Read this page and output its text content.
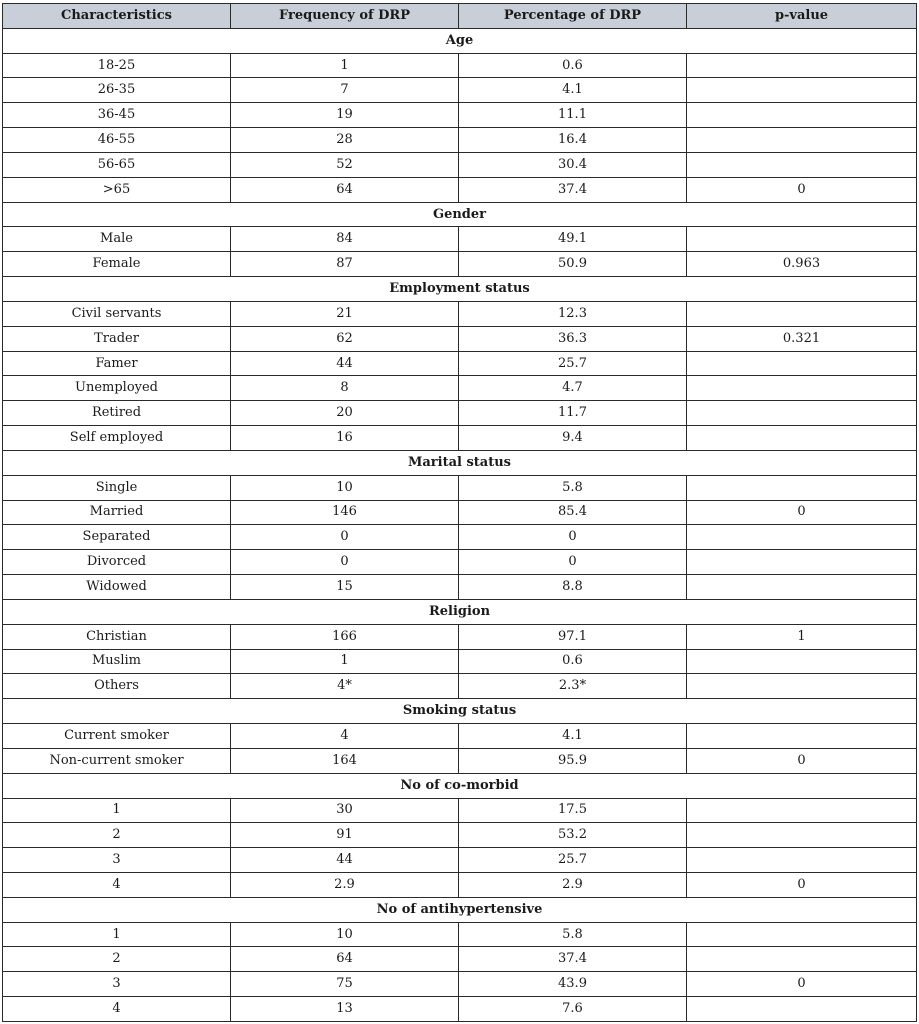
Characteristics	Frequency of DRP	Percentage of DRP	p-value
Age			
18-25	1	0.6	
26-35	7	4.1	
36-45	19	11.1	
46-55	28	16.4	
56-65	52	30.4	
>65	64	37.4	0
Gender			
Male	84	49.1	
Female	87	50.9	0.963
Employment status			
Civil servants	21	12.3	
Trader	62	36.3	0.321
Famer	44	25.7	
Unemployed	8	4.7	
Retired	20	11.7	
Self employed	16	9.4	
Marital status			
Single	10	5.8	
Married	146	85.4	0
Separated	0	0	
Divorced	0	0	
Widowed	15	8.8	
Religion			
Christian	166	97.1	1
Muslim	1	0.6	
Others	4*	2.3*	
Smoking status			
Current smoker	4	4.1	
Non-current smoker	164	95.9	0
No of co-morbid			
1	30	17.5	
2	91	53.2	
3	44	25.7	
4	2.9	2.9	0
No of antihypertensive			
1	10	5.8	
2	64	37.4	
3	75	43.9	0
4	13	7.6	
